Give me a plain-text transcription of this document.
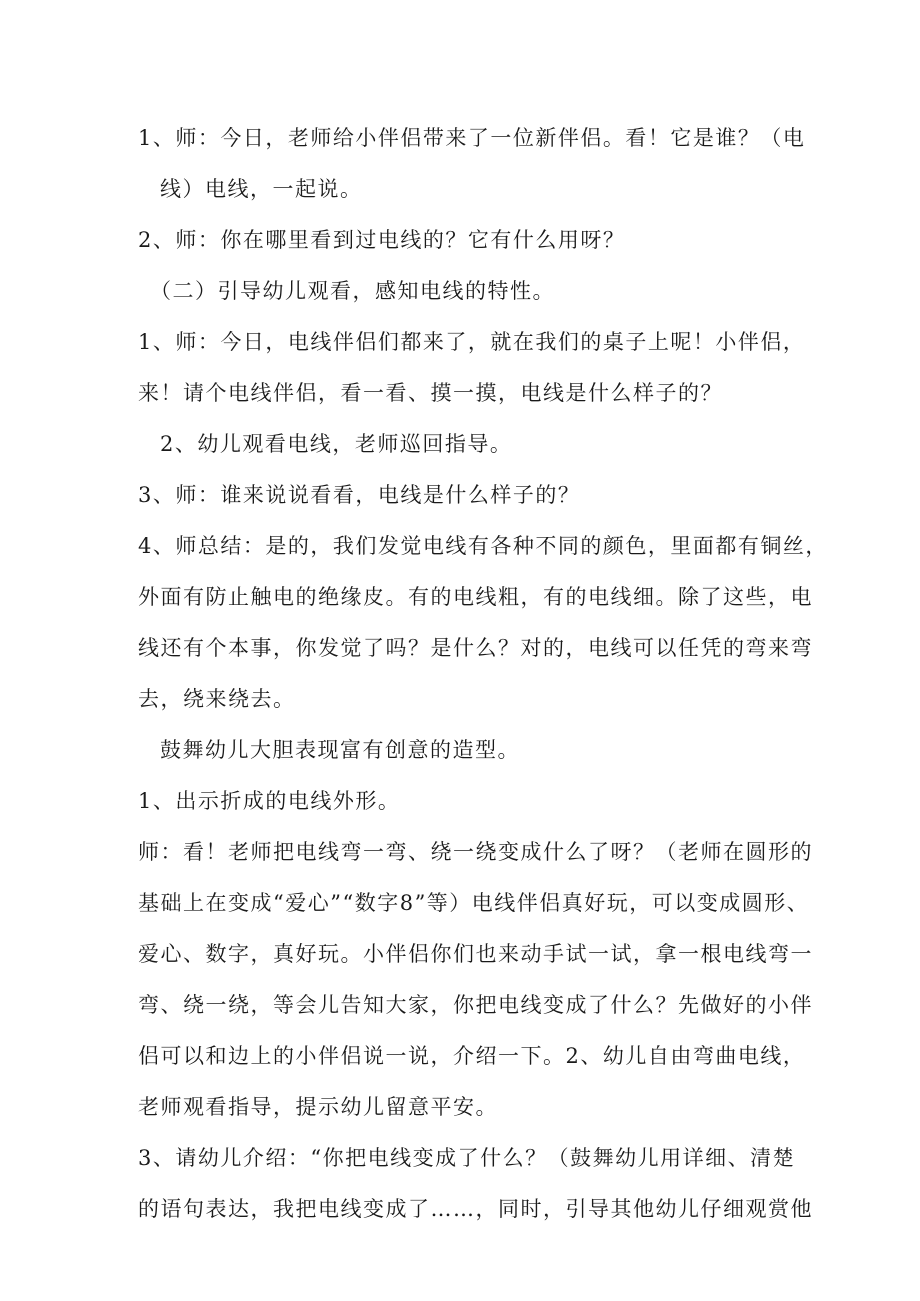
1、师：今日，老师给小伴侣带来了一位新伴侣。看！它是谁？（电
线）电线，一起说。
2、师：你在哪里看到过电线的？它有什么用呀？
（二）引导幼儿观看，感知电线的特性。
1、师：今日，电线伴侣们都来了，就在我们的桌子上呢！小伴侣，
来！请个电线伴侣，看一看、摸一摸，电线是什么样子的？
2、幼儿观看电线，老师巡回指导。
3、师：谁来说说看看，电线是什么样子的？
4、师总结：是的，我们发觉电线有各种不同的颜色，里面都有铜丝，
外面有防止触电的绝缘皮。有的电线粗，有的电线细。除了这些，电
线还有个本事，你发觉了吗？是什么？对的，电线可以任凭的弯来弯
去，绕来绕去。
鼓舞幼儿大胆表现富有创意的造型。
1、出示折成的电线外形。
师：看！老师把电线弯一弯、绕一绕变成什么了呀？（老师在圆形的
基础上在变成“爱心”“数字8”等）电线伴侣真好玩，可以变成圆形、
爱心、数字，真好玩。小伴侣你们也来动手试一试，拿一根电线弯一
弯、绕一绕，等会儿告知大家，你把电线变成了什么？先做好的小伴
侣可以和边上的小伴侣说一说，介绍一下。2、幼儿自由弯曲电线，
老师观看指导，提示幼儿留意平安。
3、请幼儿介绍：“你把电线变成了什么？（鼓舞幼儿用详细、清楚
的语句表达，我把电线变成了……，同时，引导其他幼儿仔细观赏他
